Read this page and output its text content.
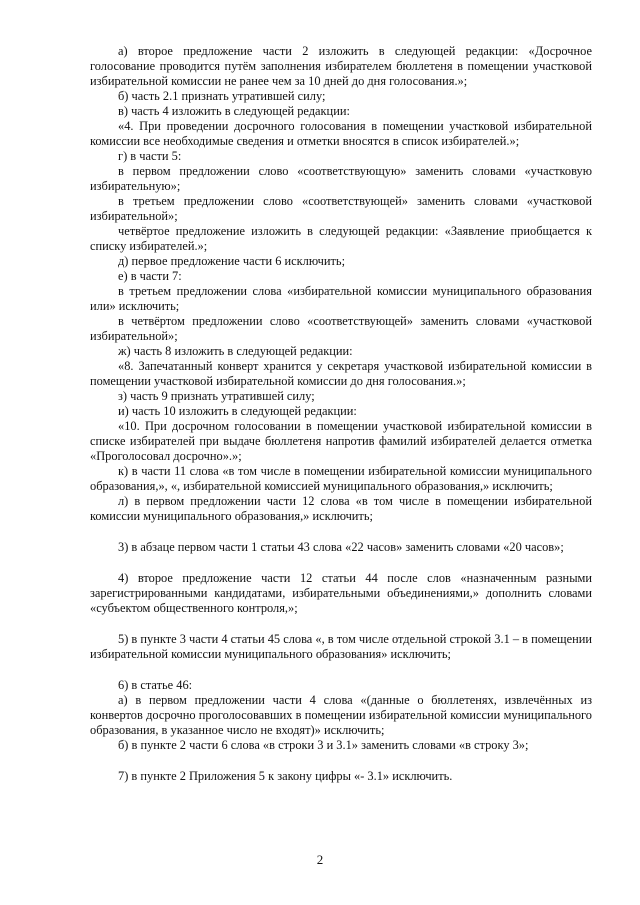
а) второе предложение части 2 изложить в следующей редакции: «Досрочное голосование проводится путём заполнения избирателем бюллетеня в помещении участковой избирательной комиссии не ранее чем за 10 дней до дня голосования.»;

б) часть 2.1 признать утратившей силу;

в) часть 4 изложить в следующей редакции:

«4. При проведении досрочного голосования в помещении участковой избирательной комиссии все необходимые сведения и отметки вносятся в список избирателей.»;

г) в части 5:

в первом предложении слово «соответствующую» заменить словами «участковую избирательную»;

в третьем предложении слово «соответствующей» заменить словами «участковой избирательной»;

четвёртое предложение изложить в следующей редакции: «Заявление приобщается к списку избирателей.»;

д) первое предложение части 6 исключить;

е) в части 7:

в третьем предложении слова «избирательной комиссии муниципального образования или» исключить;

в четвёртом предложении слово «соответствующей» заменить словами «участковой избирательной»;

ж) часть 8 изложить в следующей редакции:

«8. Запечатанный конверт хранится у секретаря участковой избирательной комиссии в помещении участковой избирательной комиссии до дня голосования.»;

з) часть 9 признать утратившей силу;

и) часть 10 изложить в следующей редакции:

«10. При досрочном голосовании в помещении участковой избирательной комиссии в списке избирателей при выдаче бюллетеня напротив фамилий избирателей делается отметка «Проголосовал досрочно».»;

к) в части 11 слова «в том числе в помещении избирательной комиссии муниципального образования,», «, избирательной комиссией муниципального образования,» исключить;

л) в первом предложении части 12 слова «в том числе в помещении избирательной комиссии муниципального образования,» исключить;

3) в абзаце первом части 1 статьи 43 слова «22 часов» заменить словами «20 часов»;

4) второе предложение части 12 статьи 44 после слов «назначенным разными зарегистрированными кандидатами, избирательными объединениями,» дополнить словами «субъектом общественного контроля,»;

5) в пункте 3 части 4 статьи 45 слова «, в том числе отдельной строкой 3.1 – в помещении избирательной комиссии муниципального образования» исключить;

6) в статье 46:

а) в первом предложении части 4 слова «(данные о бюллетенях, извлечённых из конвертов досрочно проголосовавших в помещении избирательной комиссии муниципального образования, в указанное число не входят)» исключить;

б) в пункте 2 части 6 слова «в строки 3 и 3.1» заменить словами «в строку 3»;

7) в пункте 2 Приложения 5 к закону цифры «- 3.1» исключить.

2
